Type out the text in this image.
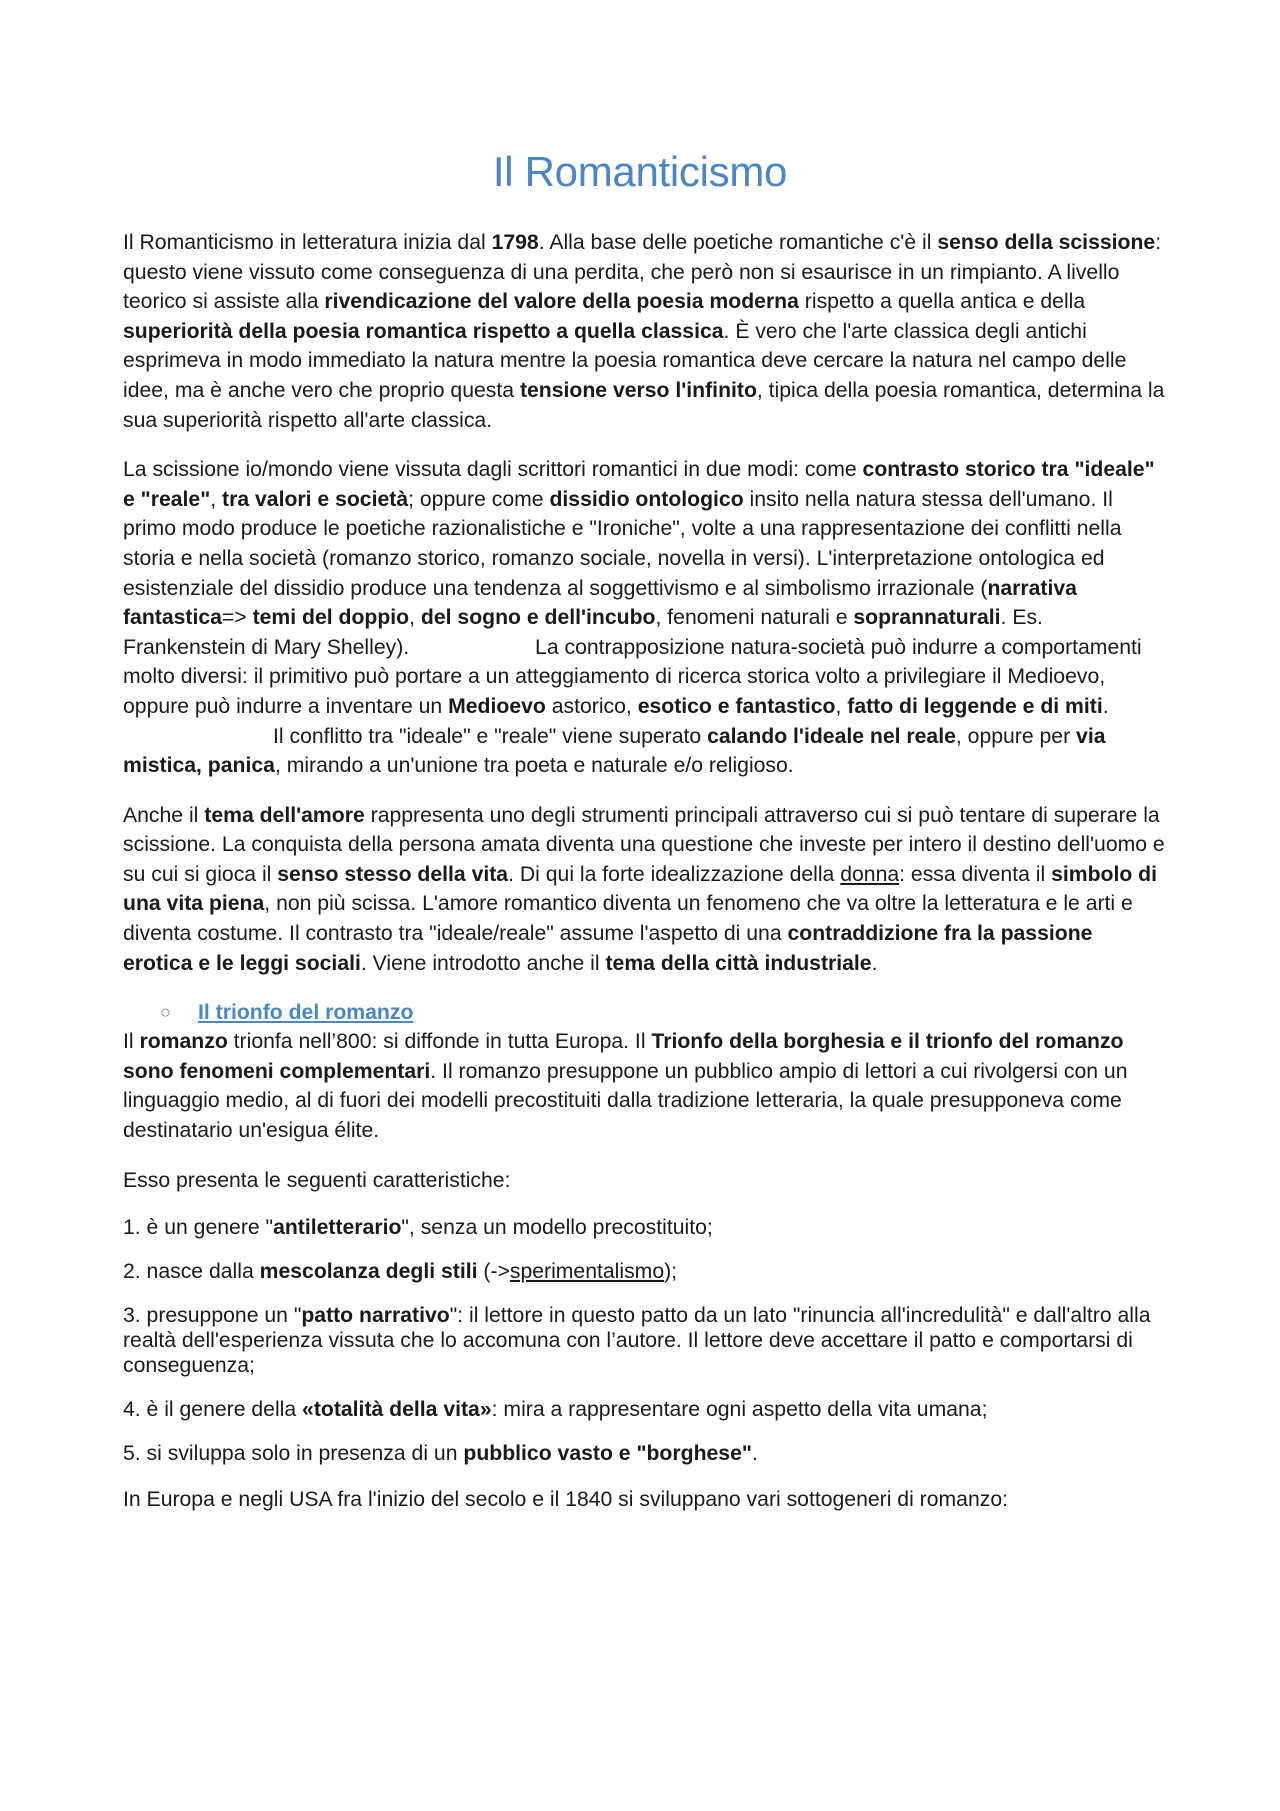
Il Romanticismo

Il Romanticismo in letteratura inizia dal 1798. Alla base delle poetiche romantiche c'è il senso della scissione: questo viene vissuto come conseguenza di una perdita, che però non si esaurisce in un rimpianto. A livello teorico si assiste alla rivendicazione del valore della poesia moderna rispetto a quella antica e della superiorità della poesia romantica rispetto a quella classica. È vero che l'arte classica degli antichi esprimeva in modo immediato la natura mentre la poesia romantica deve cercare la natura nel campo delle idee, ma è anche vero che proprio questa tensione verso l'infinito, tipica della poesia romantica, determina la sua superiorità rispetto all'arte classica.

La scissione io/mondo viene vissuta dagli scrittori romantici in due modi: come contrasto storico tra "ideale" e "reale", tra valori e società; oppure come dissidio ontologico insito nella natura stessa dell'umano. Il primo modo produce le poetiche razionalistiche e "Ironiche", volte a una rappresentazione dei conflitti nella storia e nella società (romanzo storico, romanzo sociale, novella in versi). L'interpretazione ontologica ed esistenziale del dissidio produce una tendenza al soggettivismo e al simbolismo irrazionale (narrativa fantastica=> temi del doppio, del sogno e dell'incubo, fenomeni naturali e soprannaturali. Es. Frankenstein di Mary Shelley).	La contrapposizione natura-società può indurre a comportamenti molto diversi: il primitivo può portare a un atteggiamento di ricerca storica volto a privilegiare il Medioevo, oppure può indurre a inventare un Medioevo astorico, esotico e fantastico, fatto di leggende e di miti. Il conflitto tra "ideale" e "reale" viene superato calando l'ideale nel reale, oppure per via mistica, panica, mirando a un'unione tra poeta e naturale e/o religioso.

Anche il tema dell'amore rappresenta uno degli strumenti principali attraverso cui si può tentare di superare la scissione. La conquista della persona amata diventa una questione che investe per intero il destino dell'uomo e su cui si gioca il senso stesso della vita. Di qui la forte idealizzazione della donna: essa diventa il simbolo di una vita piena, non più scissa. L'amore romantico diventa un fenomeno che va oltre la letteratura e le arti e diventa costume. Il contrasto tra "ideale/reale" assume l'aspetto di una contraddizione fra la passione erotica e le leggi sociali. Viene introdotto anche il tema della città industriale.

○ Il trionfo del romanzo

Il romanzo trionfa nell’800: si diffonde in tutta Europa. Il Trionfo della borghesia e il trionfo del romanzo sono fenomeni complementari. Il romanzo presuppone un pubblico ampio di lettori a cui rivolgersi con un linguaggio medio, al di fuori dei modelli precostituiti dalla tradizione letteraria, la quale presupponeva come destinatario un'esigua élite.

Esso presenta le seguenti caratteristiche:

1. è un genere "antiletterario", senza un modello precostituito;

2. nasce dalla mescolanza degli stili (->sperimentalismo);

3. presuppone un "patto narrativo": il lettore in questo patto da un lato "rinuncia all'incredulità" e dall'altro alla realtà dell'esperienza vissuta che lo accomuna con l’autore. Il lettore deve accettare il patto e comportarsi di conseguenza;

4. è il genere della «totalità della vita»: mira a rappresentare ogni aspetto della vita umana;

5. si sviluppa solo in presenza di un pubblico vasto e "borghese".

In Europa e negli USA fra l'inizio del secolo e il 1840 si sviluppano vari sottogeneri di romanzo:
